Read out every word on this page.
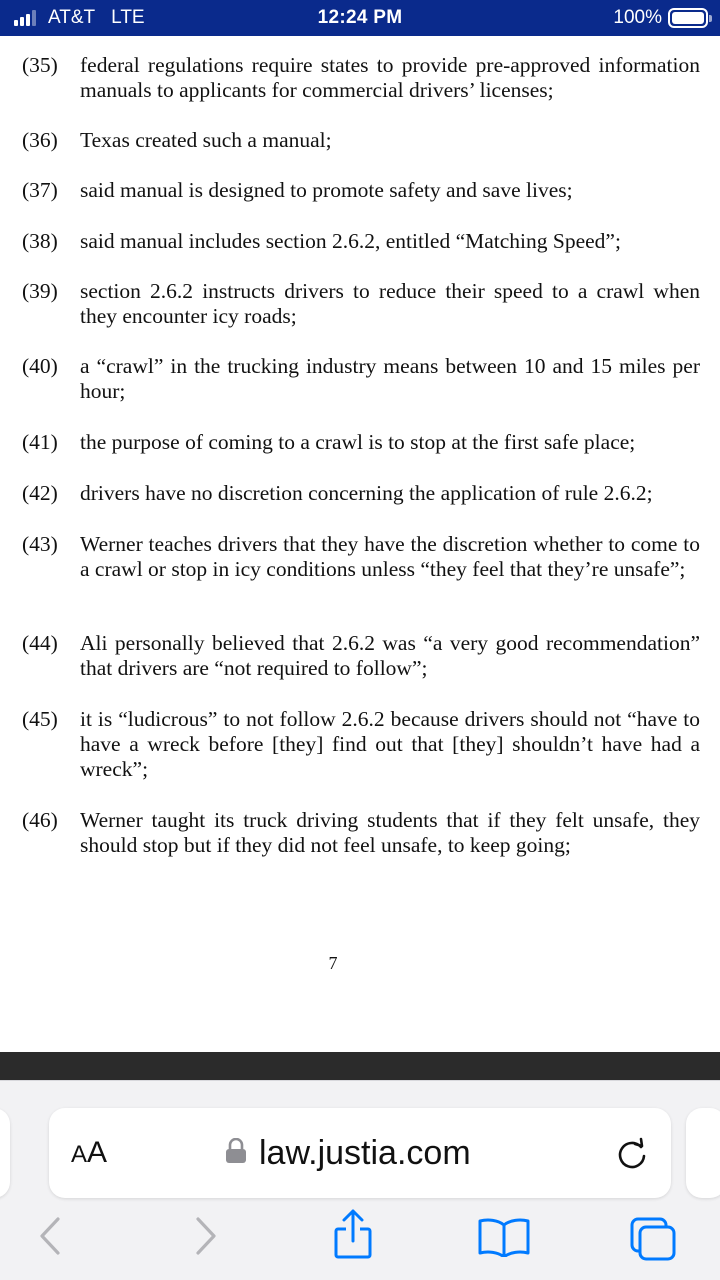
AT&T LTE	12:24 PM	100%
(35) federal regulations require states to provide pre-approved information manuals to applicants for commercial drivers’ licenses;
(36) Texas created such a manual;
(37) said manual is designed to promote safety and save lives;
(38) said manual includes section 2.6.2, entitled “Matching Speed”;
(39) section 2.6.2 instructs drivers to reduce their speed to a crawl when they encounter icy roads;
(40) a “crawl” in the trucking industry means between 10 and 15 miles per hour;
(41) the purpose of coming to a crawl is to stop at the first safe place;
(42) drivers have no discretion concerning the application of rule 2.6.2;
(43) Werner teaches drivers that they have the discretion whether to come to a crawl or stop in icy conditions unless “they feel that they’re unsafe”;
(44) Ali personally believed that 2.6.2 was “a very good recommendation” that drivers are “not required to follow”;
(45) it is “ludicrous” to not follow 2.6.2 because drivers should not “have to have a wreck before [they] find out that [they] shouldn’t have had a wreck”;
(46) Werner taught its truck driving students that if they felt unsafe, they should stop but if they did not feel unsafe, to keep going;
7
AA	law.justia.com
